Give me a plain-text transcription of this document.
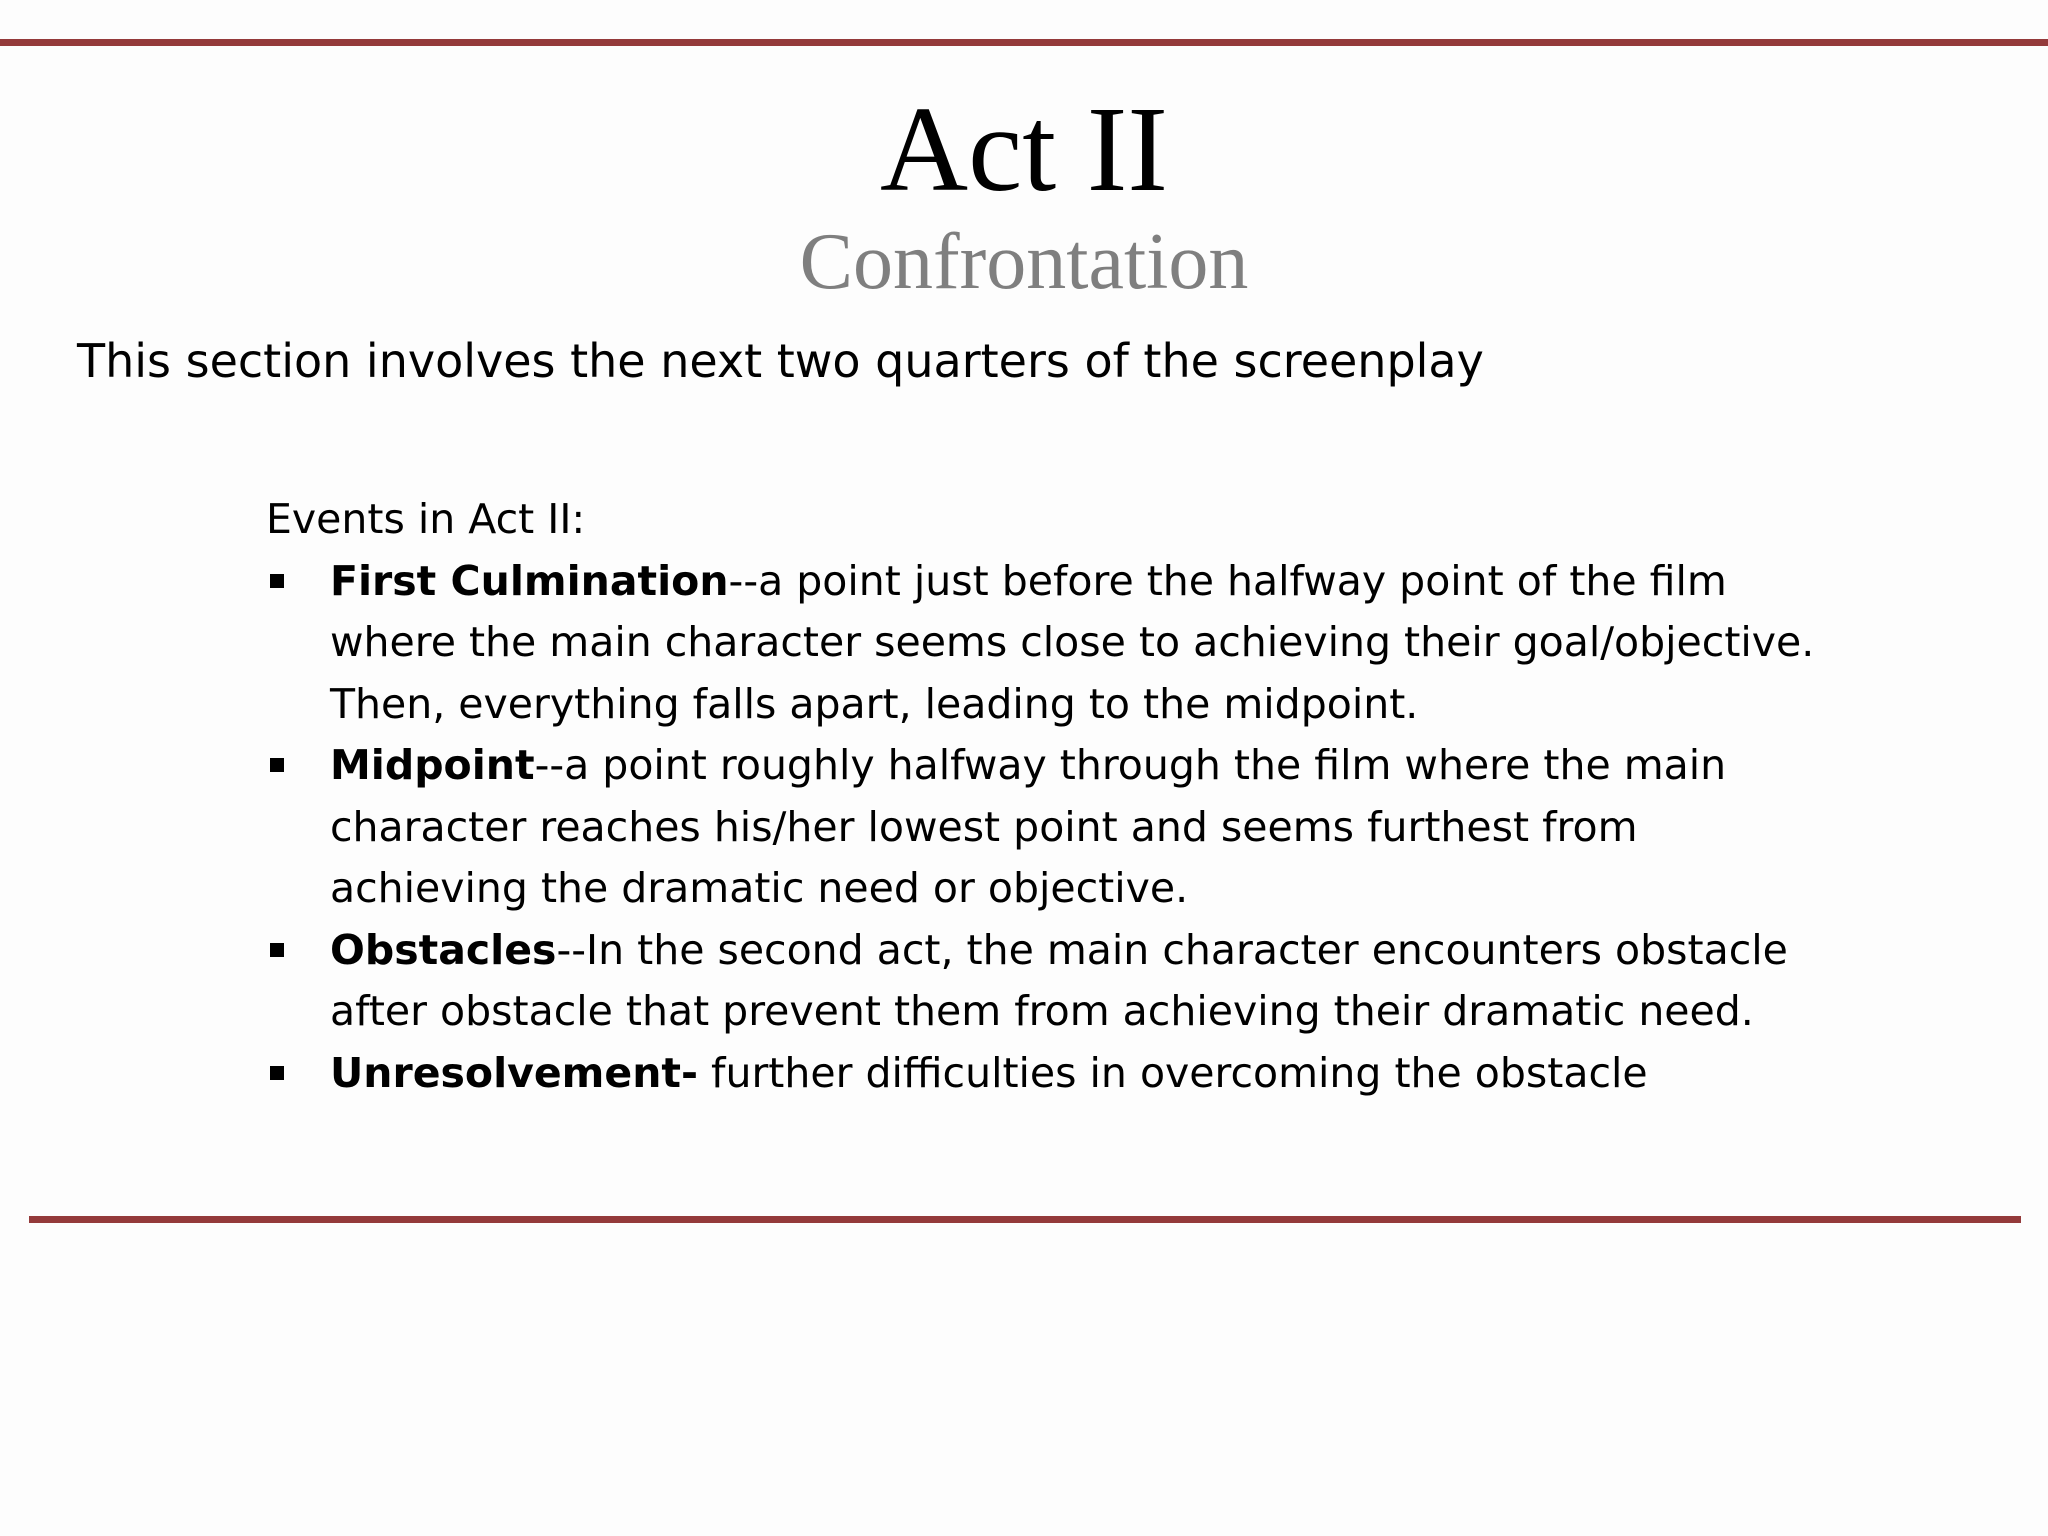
Act II
Confrontation
This section involves the next two quarters of the screenplay

Events in Act II:

First Culmination--a point just before the halfway point of the film where the main character seems close to achieving their goal/objective. Then, everything falls apart, leading to the midpoint.
Midpoint--a point roughly halfway through the film where the main character reaches his/her lowest point and seems furthest from achieving the dramatic need or objective.
Obstacles--In the second act, the main character encounters obstacle after obstacle that prevent them from achieving their dramatic need.
Unresolvement- further difficulties in overcoming the obstacle
